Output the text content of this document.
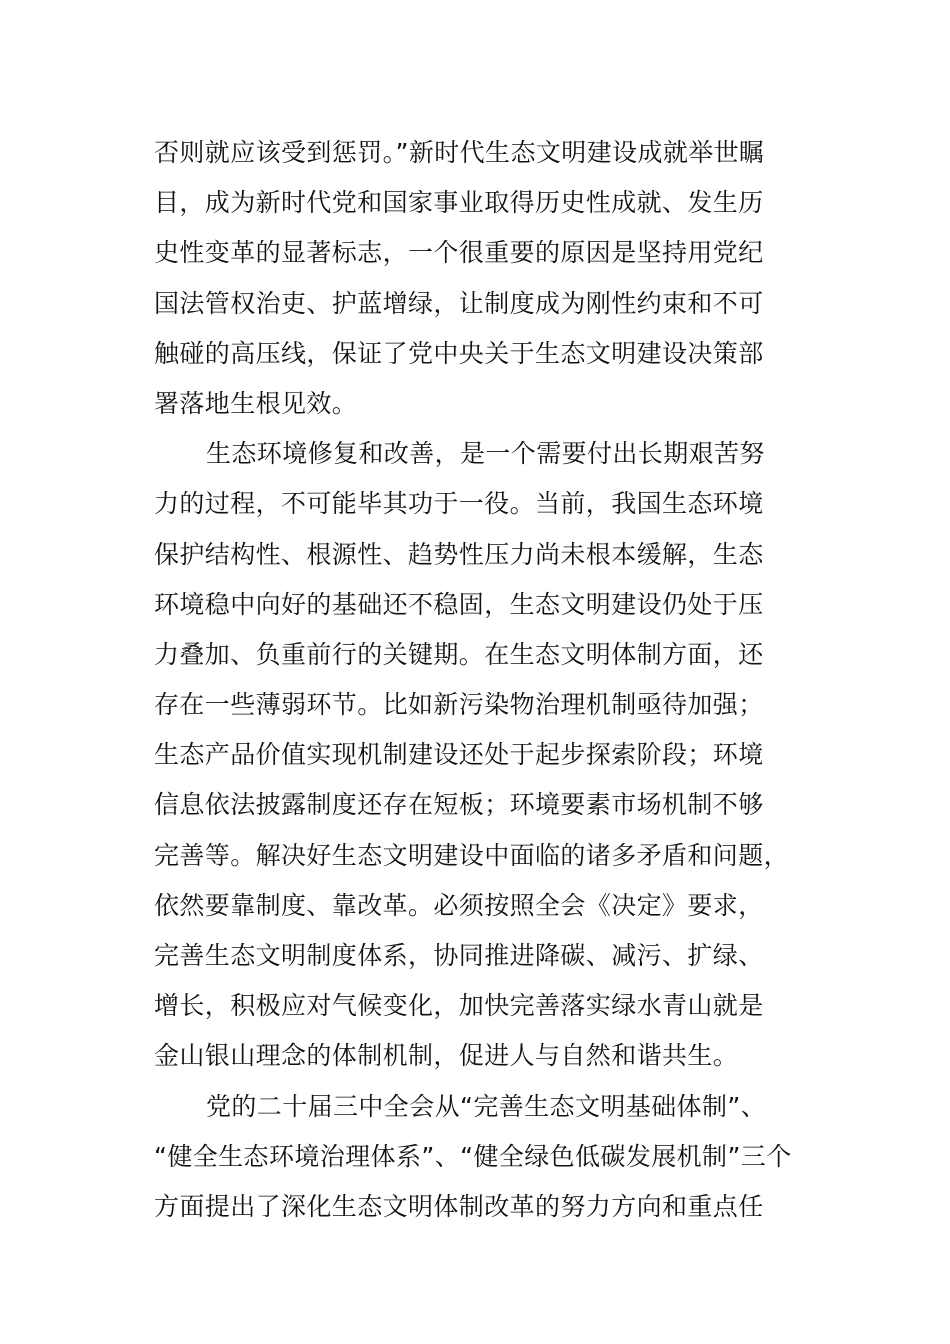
否则就应该受到惩罚。”新时代生态文明建设成就举世瞩
目，成为新时代党和国家事业取得历史性成就、发生历
史性变革的显著标志，一个很重要的原因是坚持用党纪
国法管权治吏、护蓝增绿，让制度成为刚性约束和不可
触碰的高压线，保证了党中央关于生态文明建设决策部
署落地生根见效。
生态环境修复和改善，是一个需要付出长期艰苦努
力的过程，不可能毕其功于一役。当前，我国生态环境
保护结构性、根源性、趋势性压力尚未根本缓解，生态
环境稳中向好的基础还不稳固，生态文明建设仍处于压
力叠加、负重前行的关键期。在生态文明体制方面，还
存在一些薄弱环节。比如新污染物治理机制亟待加强；
生态产品价值实现机制建设还处于起步探索阶段；环境
信息依法披露制度还存在短板；环境要素市场机制不够
完善等。解决好生态文明建设中面临的诸多矛盾和问题，
依然要靠制度、靠改革。必须按照全会《决定》要求，
完善生态文明制度体系，协同推进降碳、减污、扩绿、
增长，积极应对气候变化，加快完善落实绿水青山就是
金山银山理念的体制机制，促进人与自然和谐共生。
党的二十届三中全会从“完善生态文明基础体制”、
“健全生态环境治理体系”、“健全绿色低碳发展机制”三个
方面提出了深化生态文明体制改革的努力方向和重点任
